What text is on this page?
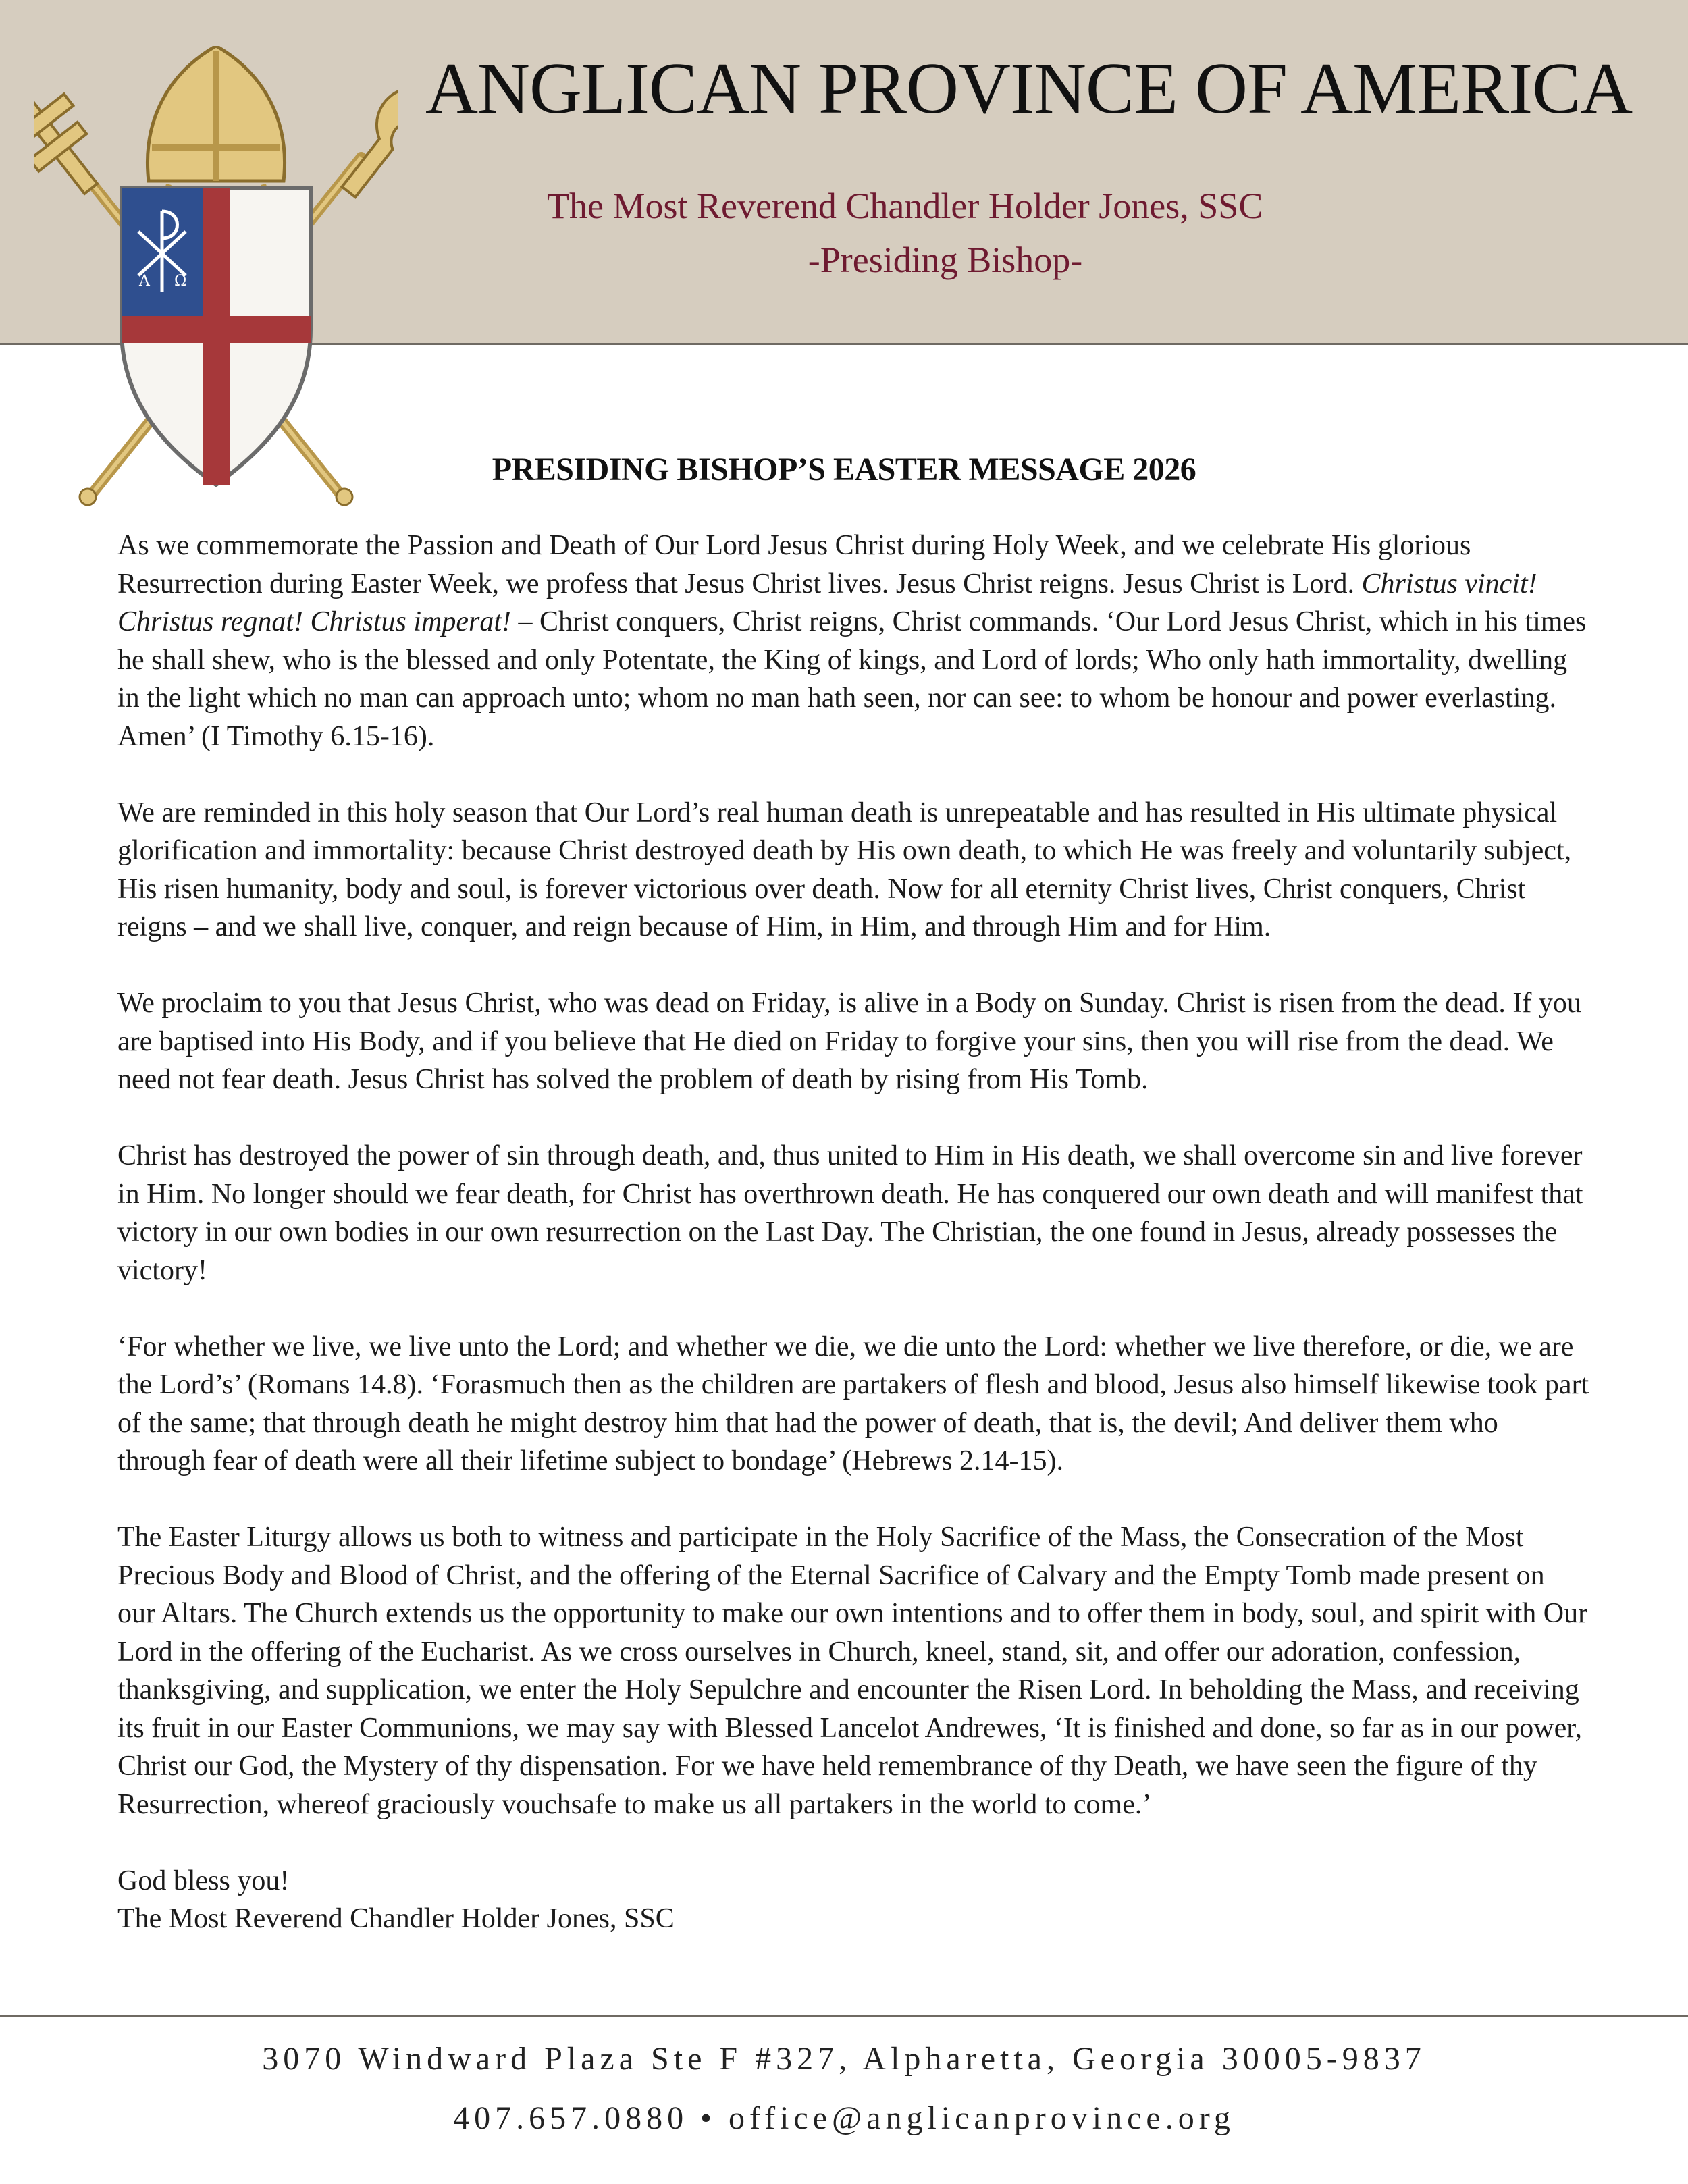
A Ω
ANGLICAN PROVINCE OF AMERICA
The Most Reverend Chandler Holder Jones, SSC
-Presiding Bishop-
PRESIDING BISHOP’S EASTER MESSAGE 2026

As we commemorate the Passion and Death of Our Lord Jesus Christ during Holy Week, and we celebrate His glorious Resurrection during Easter Week, we profess that Jesus Christ lives. Jesus Christ reigns. Jesus Christ is Lord. Christus vincit! Christus regnat! Christus imperat! – Christ conquers, Christ reigns, Christ commands. ‘Our Lord Jesus Christ, which in his times he shall shew, who is the blessed and only Potentate, the King of kings, and Lord of lords; Who only hath immortality, dwelling in the light which no man can approach unto; whom no man hath seen, nor can see: to whom be honour and power everlasting. Amen’ (I Timothy 6.15-16).

We are reminded in this holy season that Our Lord’s real human death is unrepeatable and has resulted in His ultimate physical glorification and immortality: because Christ destroyed death by His own death, to which He was freely and voluntarily subject, His risen humanity, body and soul, is forever victorious over death. Now for all eternity Christ lives, Christ conquers, Christ reigns – and we shall live, conquer, and reign because of Him, in Him, and through Him and for Him.

We proclaim to you that Jesus Christ, who was dead on Friday, is alive in a Body on Sunday. Christ is risen from the dead. If you are baptised into His Body, and if you believe that He died on Friday to forgive your sins, then you will rise from the dead. We need not fear death. Jesus Christ has solved the problem of death by rising from His Tomb.

Christ has destroyed the power of sin through death, and, thus united to Him in His death, we shall overcome sin and live forever in Him. No longer should we fear death, for Christ has overthrown death. He has conquered our own death and will manifest that victory in our own bodies in our own resurrection on the Last Day. The Christian, the one found in Jesus, already possesses the victory!

‘For whether we live, we live unto the Lord; and whether we die, we die unto the Lord: whether we live therefore, or die, we are the Lord’s’ (Romans 14.8). ‘Forasmuch then as the children are partakers of flesh and blood, Jesus also himself likewise took part of the same; that through death he might destroy him that had the power of death, that is, the devil; And deliver them who through fear of death were all their lifetime subject to bondage’ (Hebrews 2.14-15).

The Easter Liturgy allows us both to witness and participate in the Holy Sacrifice of the Mass, the Consecration of the Most Precious Body and Blood of Christ, and the offering of the Eternal Sacrifice of Calvary and the Empty Tomb made present on our Altars. The Church extends us the opportunity to make our own intentions and to offer them in body, soul, and spirit with Our Lord in the offering of the Eucharist. As we cross ourselves in Church, kneel, stand, sit, and offer our adoration, confession, thanksgiving, and supplication, we enter the Holy Sepulchre and encounter the Risen Lord. In beholding the Mass, and receiving its fruit in our Easter Communions, we may say with Blessed Lancelot Andrewes, ‘It is finished and done, so far as in our power, Christ our God, the Mystery of thy dispensation. For we have held remembrance of thy Death, we have seen the figure of thy Resurrection, whereof graciously vouchsafe to make us all partakers in the world to come.’

God bless you!
The Most Reverend Chandler Holder Jones, SSC
3070 Windward Plaza Ste F #327, Alpharetta, Georgia 30005-9837
407.657.0880 • office@anglicanprovince.org
